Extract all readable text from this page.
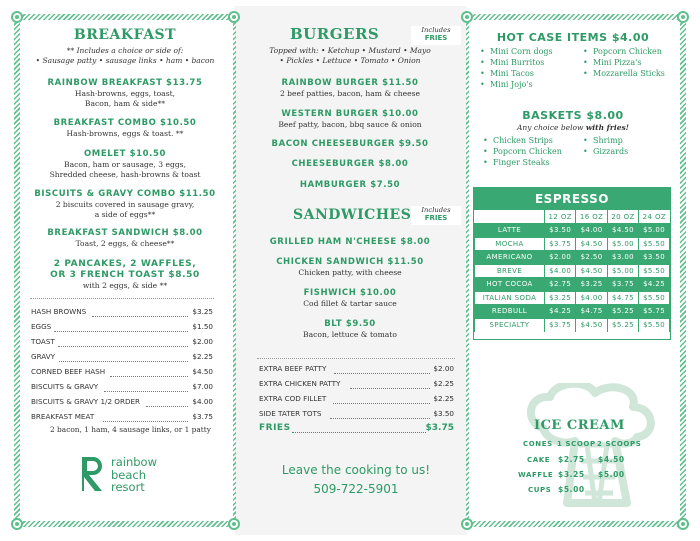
BREAKFAST
** Includes a choice or side of:
• Sausage patty • sausage links • ham • bacon
RAINBOW BREAKFAST $13.75
Hash-browns, eggs, toast,
Bacon, ham & side**
BREAKFAST COMBO $10.50
Hash-browns, eggs & toast. **
OMELET $10.50
Bacon, ham or sausage, 3 eggs,
Shredded cheese, hash-browns & toast
BISCUITS & GRAVY COMBO $11.50
2 biscuits covered in sausage gravy,
a side of eggs**
BREAKFAST SANDWICH $8.00
Toast, 2 eggs, & cheese**
2 PANCAKES, 2 WAFFLES,
OR 3 FRENCH TOAST $8.50
with 2 eggs, & side **
HASH BROWNS	$3.25
EGGS	$1.50
TOAST	$2.00
GRAVY	$2.25
CORNED BEEF HASH	$4.50
BISCUITS & GRAVY	$7.00
BISCUITS & GRAVY 1/2 ORDER	$4.00
BREAKFAST MEAT	$3.75
2 bacon, 1 ham, 4 sausage links, or 1 patty
rainbow
beach
resort
BURGERS	Includes
FRIES
Topped with: • Ketchup • Mustard • Mayo
• Pickles • Lettuce • Tomato • Onion
RAINBOW BURGER $11.50
2 beef patties, bacon, ham & cheese
WESTERN BURGER $10.00
Beef patty, bacon, bbq sauce & onion
BACON CHEESEBURGER $9.50
CHEESEBURGER $8.00
HAMBURGER $7.50
SANDWICHES	Includes
FRIES
GRILLED HAM N'CHEESE $8.00
CHICKEN SANDWICH $11.50
Chicken patty, with cheese
FISHWICH $10.00
Cod fillet & tartar sauce
BLT $9.50
Bacon, lettuce & tomato
EXTRA BEEF PATTY	$2.00
EXTRA CHICKEN PATTY	$2.25
EXTRA COD FILLET	$2.25
SIDE TATER TOTS	$3.50
FRIES	$3.75
Leave the cooking to us!
509-722-5901
HOT CASE ITEMS $4.00
• Mini Corn dogs
• Mini Burritos
• Mini Tacos
• Mini Jojo's
• Popcorn Chicken
• Mini Pizza's
• Mozzarella Sticks
BASKETS $8.00
Any choice below with fries!
• Chicken Strips
• Popcorn Chicken
• Finger Steaks
• Shrimp
• Gizzards
ESPRESSO
	12 OZ	16 OZ	20 OZ	24 OZ
LATTE	$3.50	$4.00	$4.50	$5.00
MOCHA	$3.75	$4.50	$5.00	$5.50
AMERICANO	$2.00	$2.50	$3.00	$3.50
BREVE	$4.00	$4.50	$5.00	$5.50
HOT COCOA	$2.75	$3.25	$3.75	$4.25
ITALIAN SODA	$3.25	$4.00	$4.75	$5.50
REDBULL	$4.25	$4.75	$5.25	$5.75
SPECIALTY	$3.75	$4.50	$5.25	$5.50
ICE CREAM
CONES 1 SCOOP 2 SCOOPS
CAKE $2.75 $4.50
WAFFLE $3.25 $5.00
CUPS $5.00
